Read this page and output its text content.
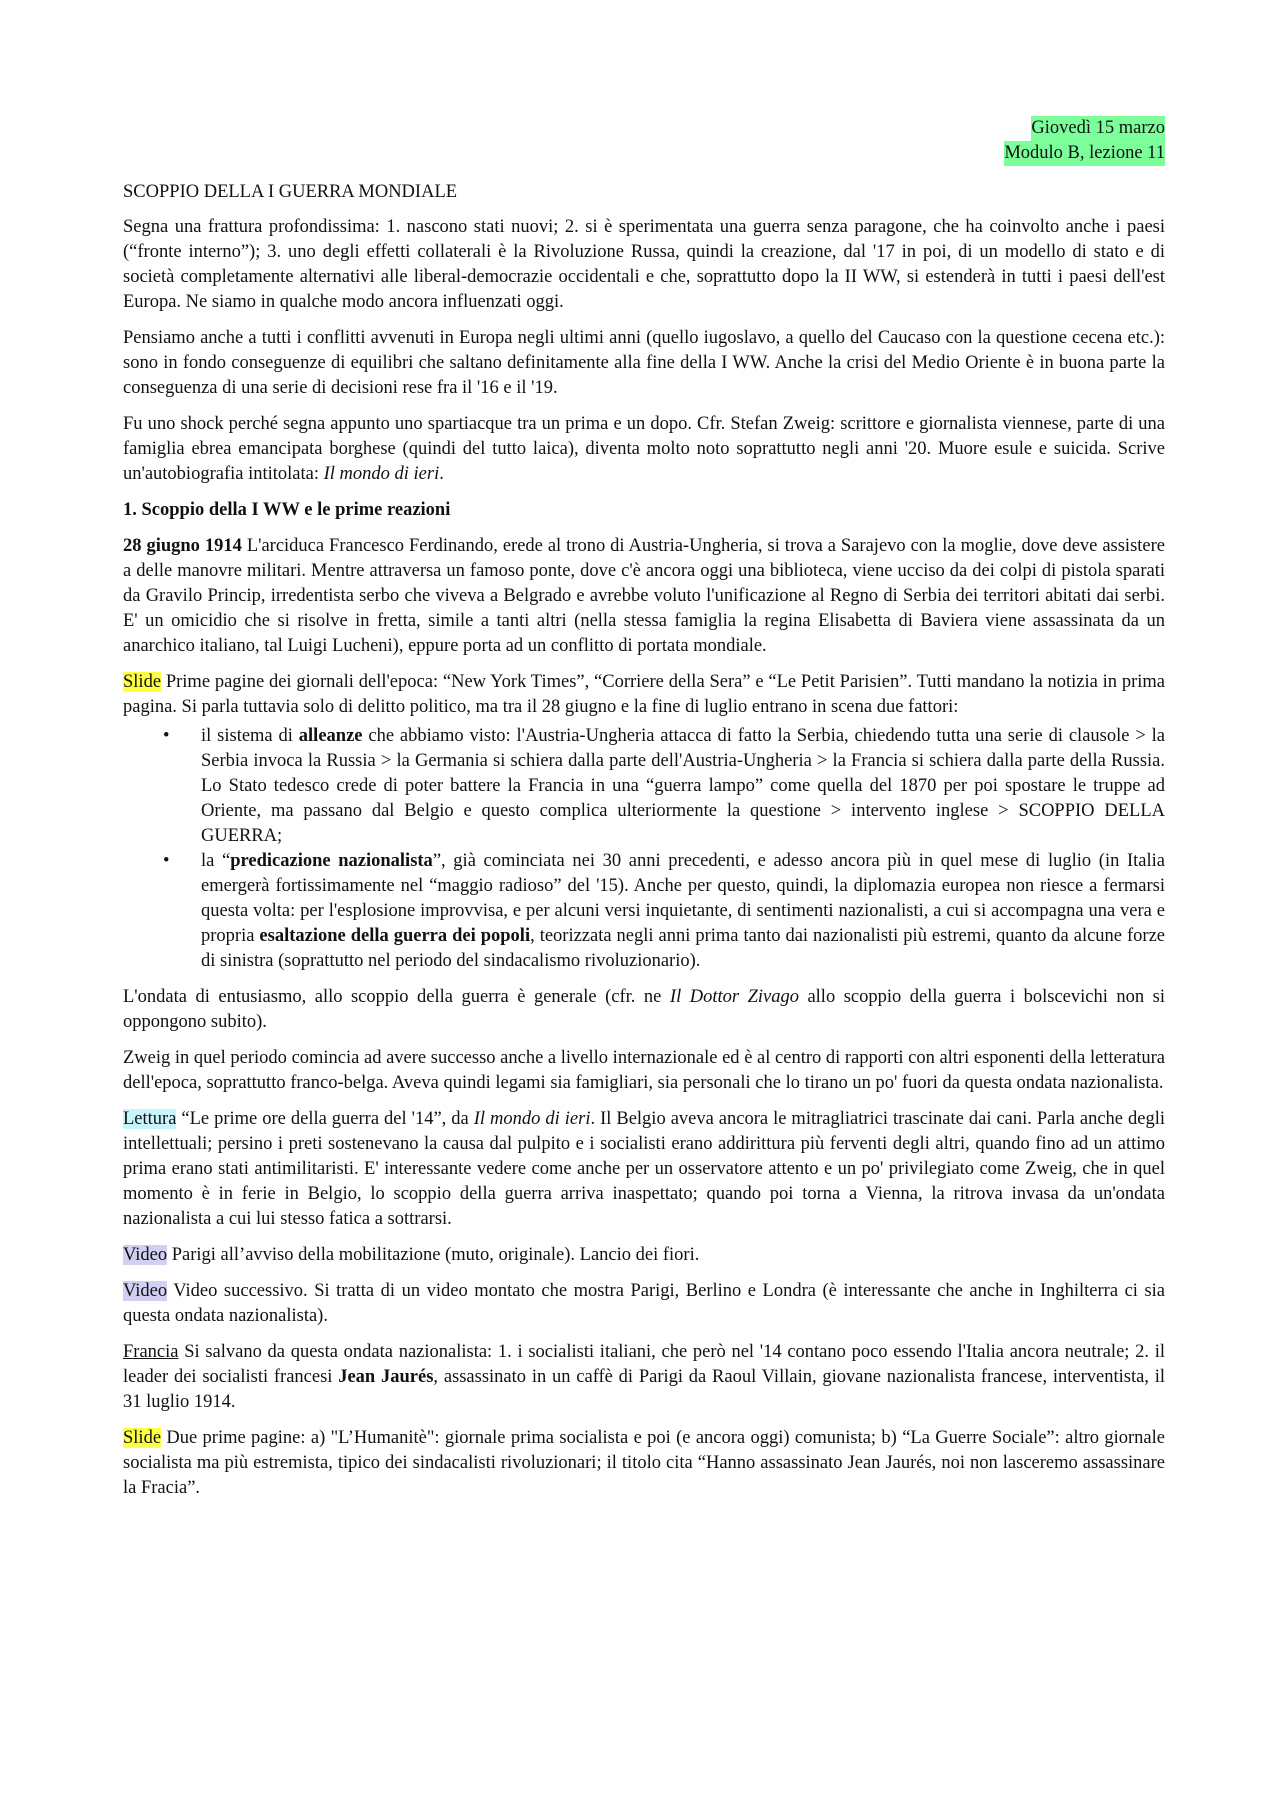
Giovedì 15 marzo
Modulo B, lezione 11
SCOPPIO DELLA I GUERRA MONDIALE

Segna una frattura profondissima: 1. nascono stati nuovi; 2. si è sperimentata una guerra senza paragone, che ha coinvolto anche i paesi (“fronte interno”); 3. uno degli effetti collaterali è la Rivoluzione Russa, quindi la creazione, dal '17 in poi, di un modello di stato e di società completamente alternativi alle liberal-democrazie occidentali e che, soprattutto dopo la II WW, si estenderà in tutti i paesi dell'est Europa. Ne siamo in qualche modo ancora influenzati oggi.

Pensiamo anche a tutti i conflitti avvenuti in Europa negli ultimi anni (quello iugoslavo, a quello del Caucaso con la questione cecena etc.): sono in fondo conseguenze di equilibri che saltano definitamente alla fine della I WW. Anche la crisi del Medio Oriente è in buona parte la conseguenza di una serie di decisioni rese fra il '16 e il '19.

Fu uno shock perché segna appunto uno spartiacque tra un prima e un dopo. Cfr. Stefan Zweig: scrittore e giornalista viennese, parte di una famiglia ebrea emancipata borghese (quindi del tutto laica), diventa molto noto soprattutto negli anni '20. Muore esule e suicida. Scrive un'autobiografia intitolata: Il mondo di ieri.

1. Scoppio della I WW e le prime reazioni

28 giugno 1914 L'arciduca Francesco Ferdinando, erede al trono di Austria-Ungheria, si trova a Sarajevo con la moglie, dove deve assistere a delle manovre militari. Mentre attraversa un famoso ponte, dove c'è ancora oggi una biblioteca, viene ucciso da dei colpi di pistola sparati da Gravilo Princip, irredentista serbo che viveva a Belgrado e avrebbe voluto l'unificazione al Regno di Serbia dei territori abitati dai serbi. E' un omicidio che si risolve in fretta, simile a tanti altri (nella stessa famiglia la regina Elisabetta di Baviera viene assassinata da un anarchico italiano, tal Luigi Lucheni), eppure porta ad un conflitto di portata mondiale.

Slide Prime pagine dei giornali dell'epoca: “New York Times”, “Corriere della Sera” e “Le Petit Parisien”. Tutti mandano la notizia in prima pagina. Si parla tuttavia solo di delitto politico, ma tra il 28 giugno e la fine di luglio entrano in scena due fattori:

• il sistema di alleanze che abbiamo visto: l'Austria-Ungheria attacca di fatto la Serbia, chiedendo tutta una serie di clausole > la Serbia invoca la Russia > la Germania si schiera dalla parte dell'Austria-Ungheria > la Francia si schiera dalla parte della Russia. Lo Stato tedesco crede di poter battere la Francia in una “guerra lampo” come quella del 1870 per poi spostare le truppe ad Oriente, ma passano dal Belgio e questo complica ulteriormente la questione > intervento inglese > SCOPPIO DELLA GUERRA;
• la “predicazione nazionalista”, già cominciata nei 30 anni precedenti, e adesso ancora più in quel mese di luglio (in Italia emergerà fortissimamente nel “maggio radioso” del '15). Anche per questo, quindi, la diplomazia europea non riesce a fermarsi questa volta: per l'esplosione improvvisa, e per alcuni versi inquietante, di sentimenti nazionalisti, a cui si accompagna una vera e propria esaltazione della guerra dei popoli, teorizzata negli anni prima tanto dai nazionalisti più estremi, quanto da alcune forze di sinistra (soprattutto nel periodo del sindacalismo rivoluzionario).

L'ondata di entusiasmo, allo scoppio della guerra è generale (cfr. ne Il Dottor Zivago allo scoppio della guerra i bolscevichi non si oppongono subito).

Zweig in quel periodo comincia ad avere successo anche a livello internazionale ed è al centro di rapporti con altri esponenti della letteratura dell'epoca, soprattutto franco-belga. Aveva quindi legami sia famigliari, sia personali che lo tirano un po' fuori da questa ondata nazionalista.

Lettura “Le prime ore della guerra del '14”, da Il mondo di ieri. Il Belgio aveva ancora le mitragliatrici trascinate dai cani. Parla anche degli intellettuali; persino i preti sostenevano la causa dal pulpito e i socialisti erano addirittura più ferventi degli altri, quando fino ad un attimo prima erano stati antimilitaristi. E' interessante vedere come anche per un osservatore attento e un po' privilegiato come Zweig, che in quel momento è in ferie in Belgio, lo scoppio della guerra arriva inaspettato; quando poi torna a Vienna, la ritrova invasa da un'ondata nazionalista a cui lui stesso fatica a sottrarsi.

Video Parigi all’avviso della mobilitazione (muto, originale). Lancio dei fiori.

Video Video successivo. Si tratta di un video montato che mostra Parigi, Berlino e Londra (è interessante che anche in Inghilterra ci sia questa ondata nazionalista).

Francia Si salvano da questa ondata nazionalista: 1. i socialisti italiani, che però nel '14 contano poco essendo l'Italia ancora neutrale; 2. il leader dei socialisti francesi Jean Jaurés, assassinato in un caffè di Parigi da Raoul Villain, giovane nazionalista francese, interventista, il 31 luglio 1914.

Slide Due prime pagine: a) "L’Humanitè": giornale prima socialista e poi (e ancora oggi) comunista; b) “La Guerre Sociale”: altro giornale socialista ma più estremista, tipico dei sindacalisti rivoluzionari; il titolo cita “Hanno assassinato Jean Jaurés, noi non lasceremo assassinare la Fracia”.
